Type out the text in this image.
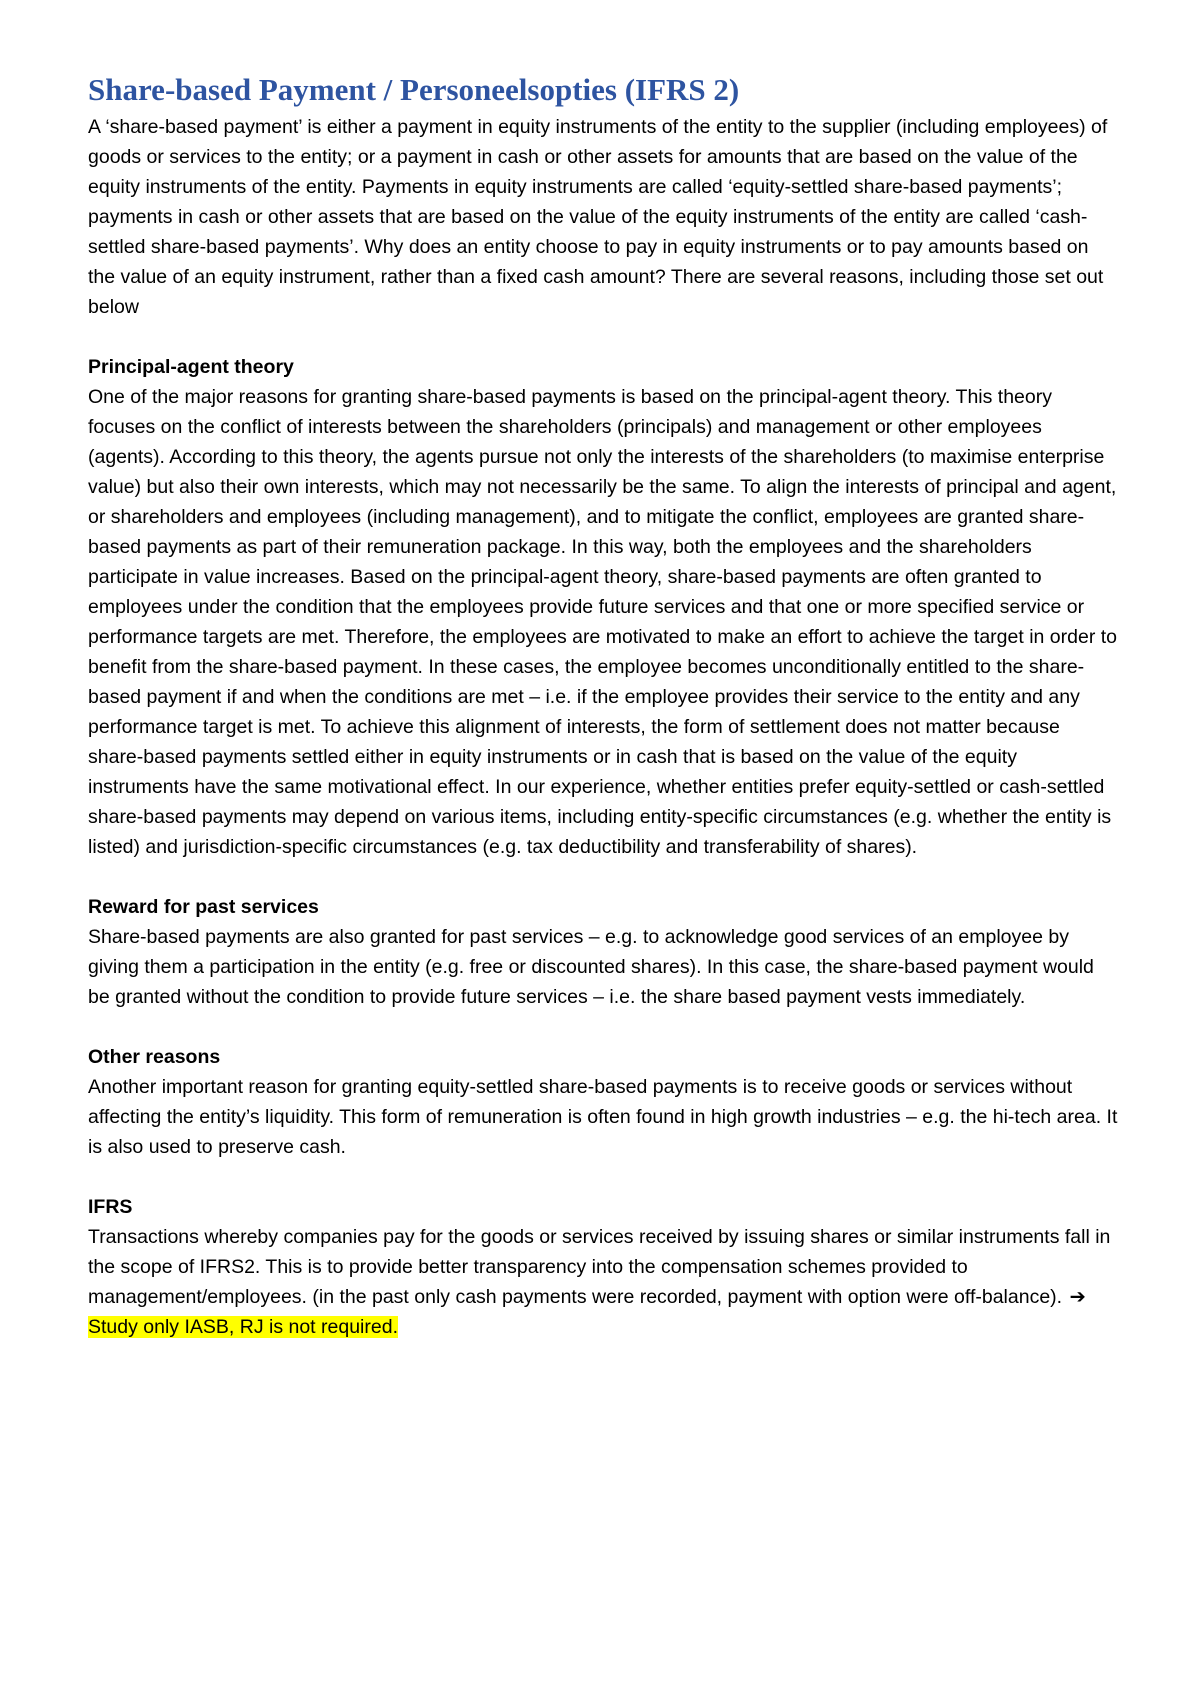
Share-based Payment / Personeelsopties (IFRS 2)

A ‘share-based payment’ is either a payment in equity instruments of the entity to the supplier (including employees) of goods or services to the entity; or a payment in cash or other assets for amounts that are based on the value of the equity instruments of the entity. Payments in equity instruments are called ‘equity-settled share-based payments’; payments in cash or other assets that are based on the value of the equity instruments of the entity are called ‘cash-settled share-based payments’. Why does an entity choose to pay in equity instruments or to pay amounts based on the value of an equity instrument, rather than a fixed cash amount? There are several reasons, including those set out below

Principal-agent theory

One of the major reasons for granting share-based payments is based on the principal-agent theory. This theory focuses on the conflict of interests between the shareholders (principals) and management or other employees (agents). According to this theory, the agents pursue not only the interests of the shareholders (to maximise enterprise value) but also their own interests, which may not necessarily be the same. To align the interests of principal and agent, or shareholders and employees (including management), and to mitigate the conflict, employees are granted share-based payments as part of their remuneration package. In this way, both the employees and the shareholders participate in value increases. Based on the principal-agent theory, share-based payments are often granted to employees under the condition that the employees provide future services and that one or more specified service or performance targets are met. Therefore, the employees are motivated to make an effort to achieve the target in order to benefit from the share-based payment. In these cases, the employee becomes unconditionally entitled to the share-based payment if and when the conditions are met – i.e. if the employee provides their service to the entity and any performance target is met. To achieve this alignment of interests, the form of settlement does not matter because share-based payments settled either in equity instruments or in cash that is based on the value of the equity instruments have the same motivational effect. In our experience, whether entities prefer equity-settled or cash-settled share-based payments may depend on various items, including entity-specific circumstances (e.g. whether the entity is listed) and jurisdiction-specific circumstances (e.g. tax deductibility and transferability of shares).

Reward for past services

Share-based payments are also granted for past services – e.g. to acknowledge good services of an employee by giving them a participation in the entity (e.g. free or discounted shares). In this case, the share-based payment would be granted without the condition to provide future services – i.e. the share based payment vests immediately.

Other reasons

Another important reason for granting equity-settled share-based payments is to receive goods or services without affecting the entity’s liquidity. This form of remuneration is often found in high growth industries – e.g. the hi-tech area. It is also used to preserve cash.

IFRS

Transactions whereby companies pay for the goods or services received by issuing shares or similar instruments fall in the scope of IFRS2. This is to provide better transparency into the compensation schemes provided to management/employees. (in the past only cash payments were recorded, payment with option were off-balance). ➔ Study only IASB, RJ is not required.
